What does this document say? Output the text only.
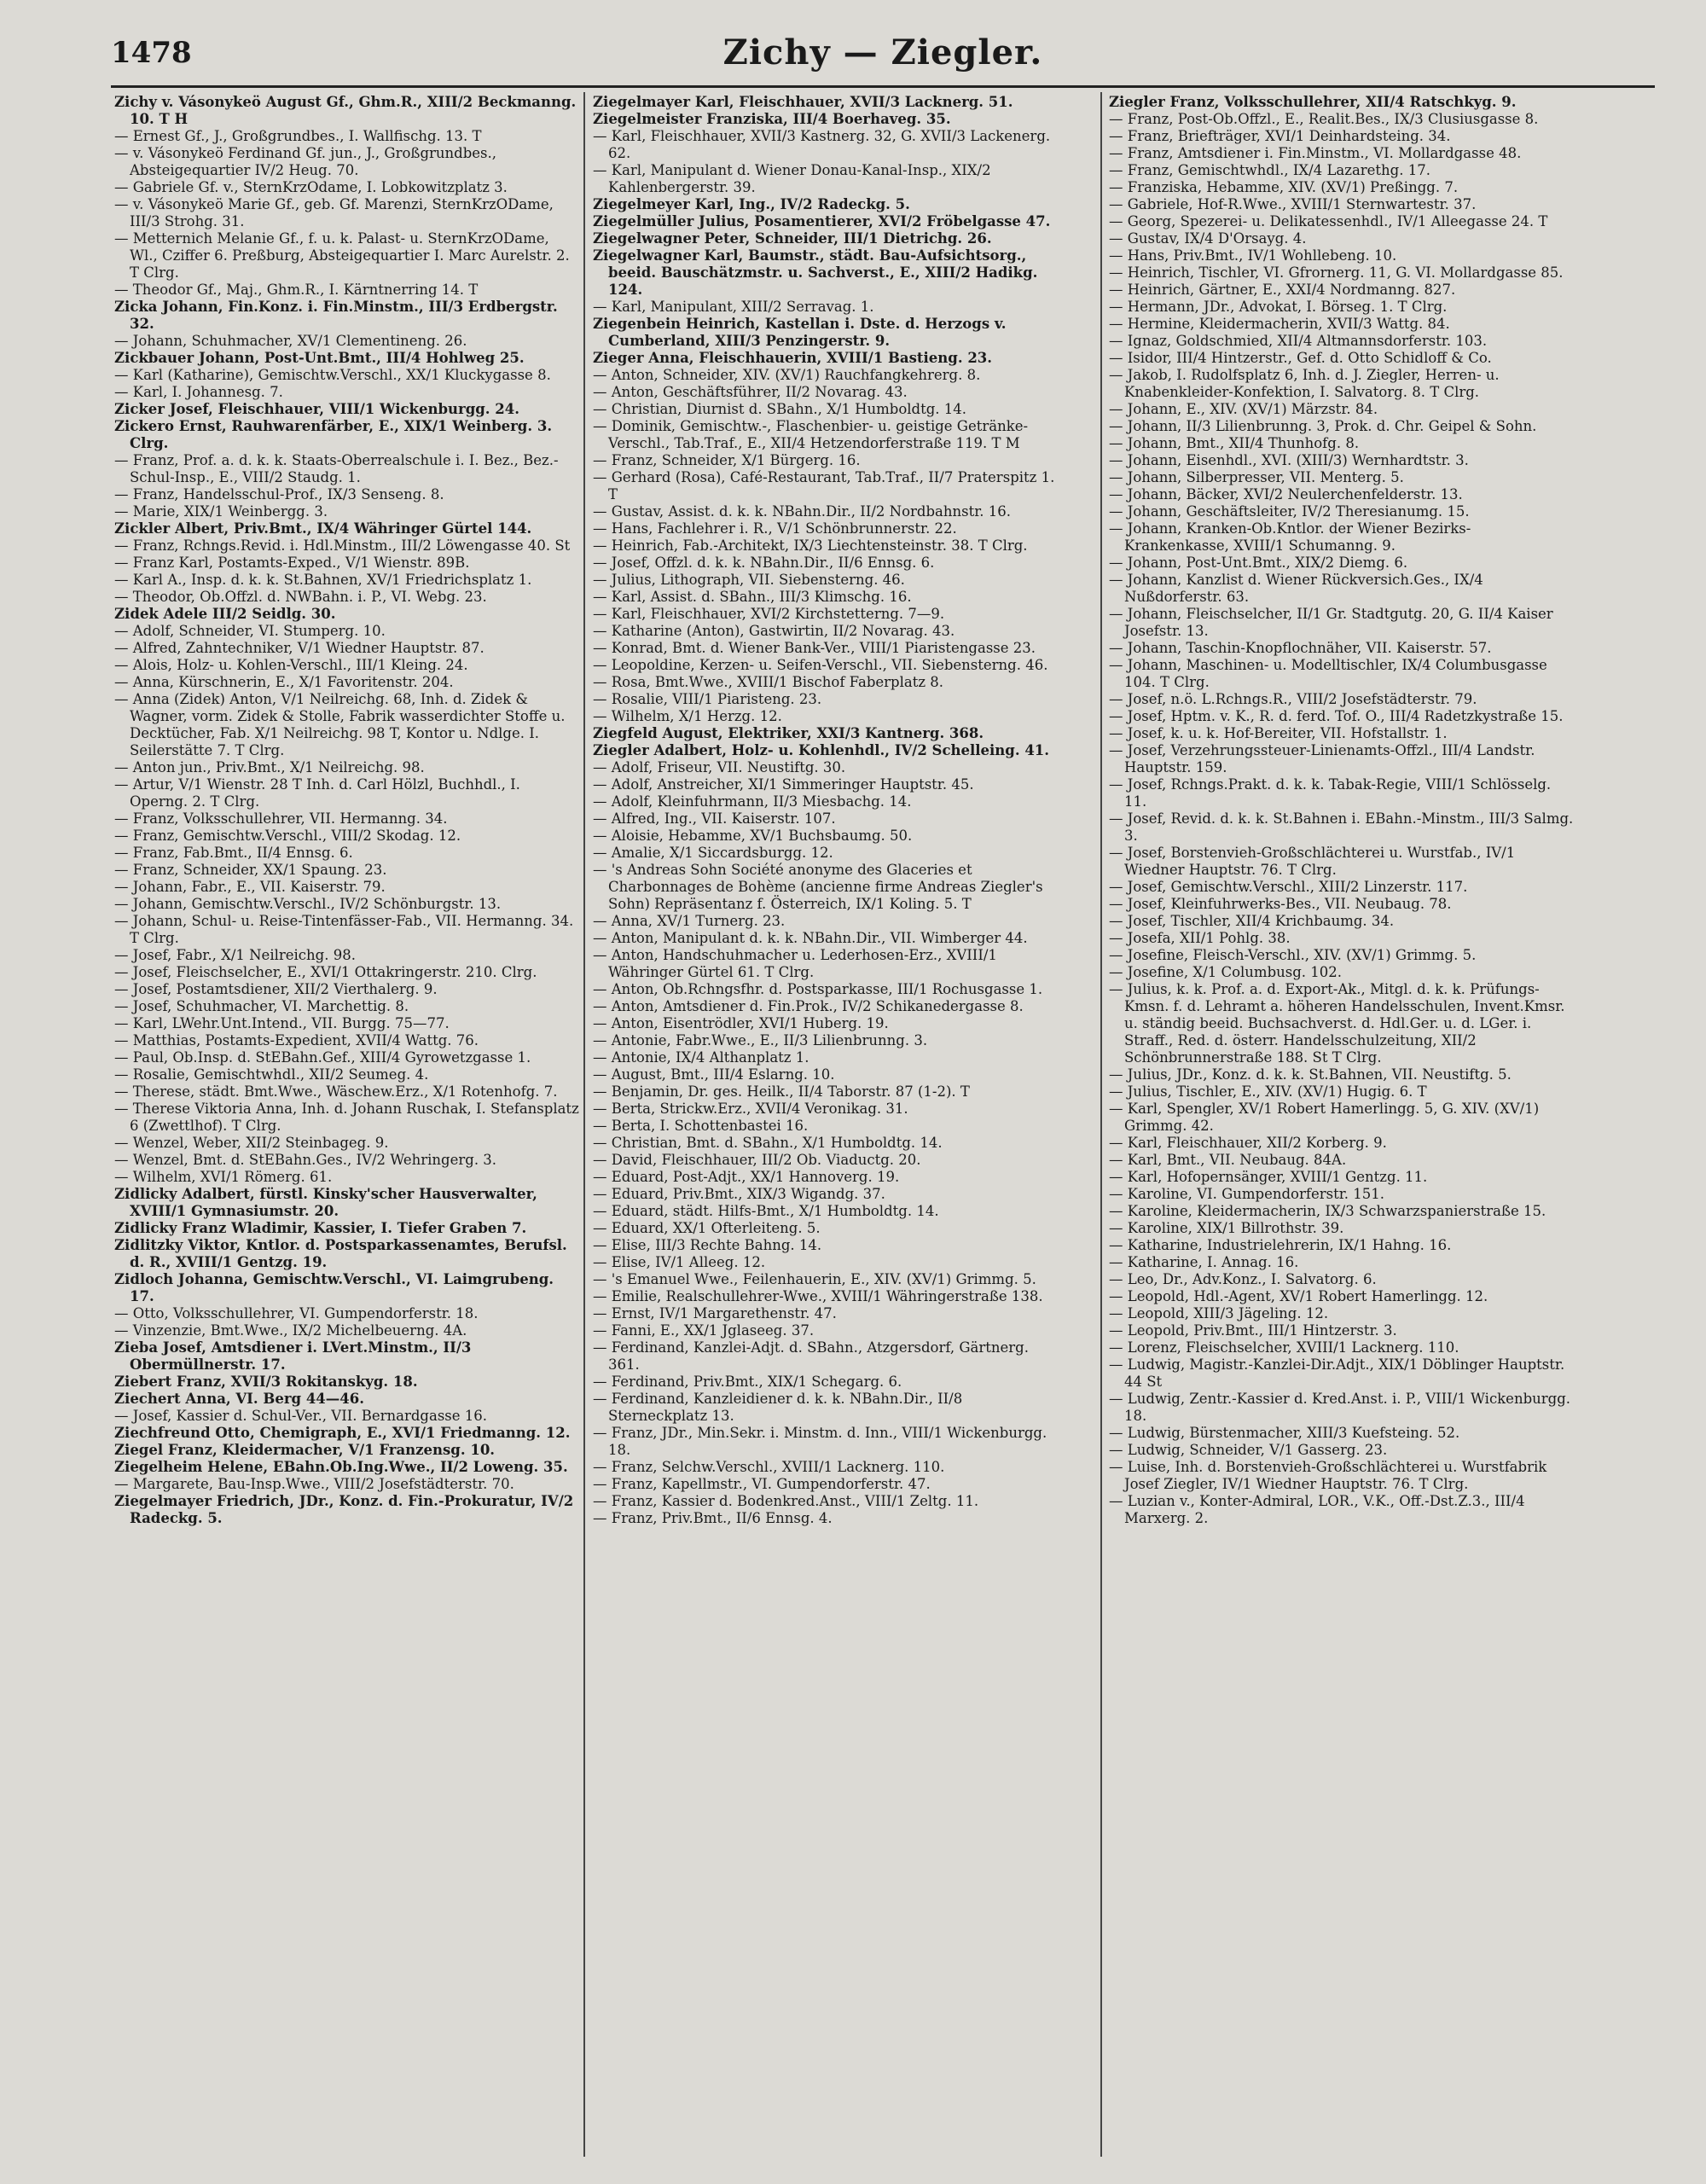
1478	Zichy — Ziegler.

Zichy v. Vásonykeö August Gf., Ghm.R., XIII/2 Beckmanng. 10. T H

— Ernest Gf., J., Großgrundbes., I. Wallfischg. 13. T

— v. Vásonykeö Ferdinand Gf. jun., J., Großgrundbes., Absteigequartier IV/2 Heug. 70.

— Gabriele Gf. v., SternKrzOdame, I. Lobkowitzplatz 3.

— v. Vásonykeö Marie Gf., geb. Gf. Marenzi, SternKrzODame, III/3 Strohg. 31.

— Metternich Melanie Gf., f. u. k. Palast- u. SternKrzODame, Wl., Cziffer 6. Preßburg, Absteigequartier I. Marc Aurelstr. 2. T Clrg.

— Theodor Gf., Maj., Ghm.R., I. Kärntnerring 14. T

Zicka Johann, Fin.Konz. i. Fin.Minstm., III/3 Erdbergstr. 32.

— Johann, Schuhmacher, XV/1 Clementineng. 26.

Zickbauer Johann, Post-Unt.Bmt., III/4 Hohlweg 25.

— Karl (Katharine), Gemischtw.Verschl., XX/1 Kluckygasse 8.

— Karl, I. Johannesg. 7.

Zicker Josef, Fleischhauer, VIII/1 Wickenburgg. 24.

Zickero Ernst, Rauhwarenfärber, E., XIX/1 Weinberg. 3. Clrg.

— Franz, Prof. a. d. k. k. Staats-Oberrealschule i. I. Bez., Bez.-Schul-Insp., E., VIII/2 Staudg. 1.

— Franz, Handelsschul-Prof., IX/3 Senseng. 8.

— Marie, XIX/1 Weinbergg. 3.

Zickler Albert, Priv.Bmt., IX/4 Währinger Gürtel 144.

— Franz, Rchngs.Revid. i. Hdl.Minstm., III/2 Löwengasse 40. St

— Franz Karl, Postamts-Exped., V/1 Wienstr. 89B.

— Karl A., Insp. d. k. k. St.Bahnen, XV/1 Friedrichsplatz 1.

— Theodor, Ob.Offzl. d. NWBahn. i. P., VI. Webg. 23.

Zidek Adele III/2 Seidlg. 30.

— Adolf, Schneider, VI. Stumperg. 10.

— Alfred, Zahntechniker, V/1 Wiedner Hauptstr. 87.

— Alois, Holz- u. Kohlen-Verschl., III/1 Kleing. 24.

— Anna, Kürschnerin, E., X/1 Favoritenstr. 204.

— Anna (Zidek) Anton, V/1 Neilreichg. 68, Inh. d. Zidek & Wagner, vorm. Zidek & Stolle, Fabrik wasserdichter Stoffe u. Decktücher, Fab. X/1 Neilreichg. 98 T, Kontor u. Ndlge. I. Seilerstätte 7. T Clrg.

— Anton jun., Priv.Bmt., X/1 Neilreichg. 98.

— Artur, V/1 Wienstr. 28 T Inh. d. Carl Hölzl, Buchhdl., I. Operng. 2. T Clrg.

— Franz, Volksschullehrer, VII. Hermanng. 34.

— Franz, Gemischtw.Verschl., VIII/2 Skodag. 12.

— Franz, Fab.Bmt., II/4 Ennsg. 6.

— Franz, Schneider, XX/1 Spaung. 23.

— Johann, Fabr., E., VII. Kaiserstr. 79.

— Johann, Gemischtw.Verschl., IV/2 Schönburgstr. 13.

— Johann, Schul- u. Reise-Tintenfässer-Fab., VII. Hermanng. 34. T Clrg.

— Josef, Fabr., X/1 Neilreichg. 98.

— Josef, Fleischselcher, E., XVI/1 Ottakringerstr. 210. Clrg.

— Josef, Postamtsdiener, XII/2 Vierthalerg. 9.

— Josef, Schuhmacher, VI. Marchettig. 8.

— Karl, LWehr.Unt.Intend., VII. Burgg. 75—77.

— Matthias, Postamts-Expedient, XVII/4 Wattg. 76.

— Paul, Ob.Insp. d. StEBahn.Gef., XIII/4 Gyrowetzgasse 1.

— Rosalie, Gemischtwhdl., XII/2 Seumeg. 4.

— Therese, städt. Bmt.Wwe., Wäschew.Erz., X/1 Rotenhofg. 7.

— Therese Viktoria Anna, Inh. d. Johann Ruschak, I. Stefansplatz 6 (Zwettlhof). T Clrg.

— Wenzel, Weber, XII/2 Steinbageg. 9.

— Wenzel, Bmt. d. StEBahn.Ges., IV/2 Wehringerg. 3.

— Wilhelm, XVI/1 Römerg. 61.

Zidlicky Adalbert, fürstl. Kinsky'scher Hausverwalter, XVIII/1 Gymnasiumstr. 20.

Zidlicky Franz Wladimir, Kassier, I. Tiefer Graben 7.

Zidlitzky Viktor, Kntlor. d. Postsparkassenamtes, Berufsl. d. R., XVIII/1 Gentzg. 19.

Zidloch Johanna, Gemischtw.Verschl., VI. Laimgrubeng. 17.

— Otto, Volksschullehrer, VI. Gumpendorferstr. 18.

— Vinzenzie, Bmt.Wwe., IX/2 Michelbeuerng. 4A.

Zieba Josef, Amtsdiener i. LVert.Minstm., II/3 Obermüllnerstr. 17.

Ziebert Franz, XVII/3 Rokitanskyg. 18.

Ziechert Anna, VI. Berg 44—46.

— Josef, Kassier d. Schul-Ver., VII. Bernardgasse 16.

Ziechfreund Otto, Chemigraph, E., XVI/1 Friedmanng. 12.

Ziegel Franz, Kleidermacher, V/1 Franzensg. 10.

Ziegelheim Helene, EBahn.Ob.Ing.Wwe., II/2 Loweng. 35.

— Margarete, Bau-Insp.Wwe., VIII/2 Josefstädterstr. 70.

Ziegelmayer Friedrich, JDr., Konz. d. Fin.-Prokuratur, IV/2 Radeckg. 5.

Ziegelmayer Karl, Fleischhauer, XVII/3 Lacknerg. 51.

Ziegelmeister Franziska, III/4 Boerhaveg. 35.

— Karl, Fleischhauer, XVII/3 Kastnerg. 32, G. XVII/3 Lackenerg. 62.

— Karl, Manipulant d. Wiener Donau-Kanal-Insp., XIX/2 Kahlenbergerstr. 39.

Ziegelmeyer Karl, Ing., IV/2 Radeckg. 5.

Ziegelmüller Julius, Posamentierer, XVI/2 Fröbelgasse 47.

Ziegelwagner Peter, Schneider, III/1 Dietrichg. 26.

Ziegelwagner Karl, Baumstr., städt. Bau-Aufsichtsorg., beeid. Bauschätzmstr. u. Sachverst., E., XIII/2 Hadikg. 124.

— Karl, Manipulant, XIII/2 Serravag. 1.

Ziegenbein Heinrich, Kastellan i. Dste. d. Herzogs v. Cumberland, XIII/3 Penzingerstr. 9.

Zieger Anna, Fleischhauerin, XVIII/1 Bastieng. 23.

— Anton, Schneider, XIV. (XV/1) Rauchfangkehrerg. 8.

— Anton, Geschäftsführer, II/2 Novarag. 43.

— Christian, Diurnist d. SBahn., X/1 Humboldtg. 14.

— Dominik, Gemischtw.-, Flaschenbier- u. geistige Getränke-Verschl., Tab.Traf., E., XII/4 Hetzendorferstraße 119. T M

— Franz, Schneider, X/1 Bürgerg. 16.

— Gerhard (Rosa), Café-Restaurant, Tab.Traf., II/7 Praterspitz 1. T

— Gustav, Assist. d. k. k. NBahn.Dir., II/2 Nordbahnstr. 16.

— Hans, Fachlehrer i. R., V/1 Schönbrunnerstr. 22.

— Heinrich, Fab.-Architekt, IX/3 Liechtensteinstr. 38. T Clrg.

— Josef, Offzl. d. k. k. NBahn.Dir., II/6 Ennsg. 6.

— Julius, Lithograph, VII. Siebensterng. 46.

— Karl, Assist. d. SBahn., III/3 Klimschg. 16.

— Karl, Fleischhauer, XVI/2 Kirchstetterng. 7—9.

— Katharine (Anton), Gastwirtin, II/2 Novarag. 43.

— Konrad, Bmt. d. Wiener Bank-Ver., VIII/1 Piaristengasse 23.

— Leopoldine, Kerzen- u. Seifen-Verschl., VII. Siebensterng. 46.

— Rosa, Bmt.Wwe., XVIII/1 Bischof Faberplatz 8.

— Rosalie, VIII/1 Piaristeng. 23.

— Wilhelm, X/1 Herzg. 12.

Ziegfeld August, Elektriker, XXI/3 Kantnerg. 368.

Ziegler Adalbert, Holz- u. Kohlenhdl., IV/2 Schelleing. 41.

— Adolf, Friseur, VII. Neustiftg. 30.

— Adolf, Anstreicher, XI/1 Simmeringer Hauptstr. 45.

— Adolf, Kleinfuhrmann, II/3 Miesbachg. 14.

— Alfred, Ing., VII. Kaiserstr. 107.

— Aloisie, Hebamme, XV/1 Buchsbaumg. 50.

— Amalie, X/1 Siccardsburgg. 12.

— 's Andreas Sohn Société anonyme des Glaceries et Charbonnages de Bohème (ancienne firme Andreas Ziegler's Sohn) Repräsentanz f. Österreich, IX/1 Koling. 5. T

— Anna, XV/1 Turnerg. 23.

— Anton, Manipulant d. k. k. NBahn.Dir., VII. Wimberger 44.

— Anton, Handschuhmacher u. Lederhosen-Erz., XVIII/1 Währinger Gürtel 61. T Clrg.

— Anton, Ob.Rchngsfhr. d. Postsparkasse, III/1 Rochusgasse 1.

— Anton, Amtsdiener d. Fin.Prok., IV/2 Schikanedergasse 8.

— Anton, Eisentrödler, XVI/1 Huberg. 19.

— Antonie, Fabr.Wwe., E., II/3 Lilienbrunng. 3.

— Antonie, IX/4 Althanplatz 1.

— August, Bmt., III/4 Eslarng. 10.

— Benjamin, Dr. ges. Heilk., II/4 Taborstr. 87 (1-2). T

— Berta, Strickw.Erz., XVII/4 Veronikag. 31.

— Berta, I. Schottenbastei 16.

— Christian, Bmt. d. SBahn., X/1 Humboldtg. 14.

— David, Fleischhauer, III/2 Ob. Viaductg. 20.

— Eduard, Post-Adjt., XX/1 Hannoverg. 19.

— Eduard, Priv.Bmt., XIX/3 Wigandg. 37.

— Eduard, städt. Hilfs-Bmt., X/1 Humboldtg. 14.

— Eduard, XX/1 Ofterleiteng. 5.

— Elise, III/3 Rechte Bahng. 14.

— Elise, IV/1 Alleeg. 12.

— 's Emanuel Wwe., Feilenhauerin, E., XIV. (XV/1) Grimmg. 5.

— Emilie, Realschullehrer-Wwe., XVIII/1 Währingerstraße 138.

— Ernst, IV/1 Margarethenstr. 47.

— Fanni, E., XX/1 Jglaseeg. 37.

— Ferdinand, Kanzlei-Adjt. d. SBahn., Atzgersdorf, Gärtnerg. 361.

— Ferdinand, Priv.Bmt., XIX/1 Schegarg. 6.

— Ferdinand, Kanzleidiener d. k. k. NBahn.Dir., II/8 Sterneckplatz 13.

— Franz, JDr., Min.Sekr. i. Minstm. d. Inn., VIII/1 Wickenburgg. 18.

— Franz, Selchw.Verschl., XVIII/1 Lacknerg. 110.

— Franz, Kapellmstr., VI. Gumpendorferstr. 47.

— Franz, Kassier d. Bodenkred.Anst., VIII/1 Zeltg. 11.

— Franz, Priv.Bmt., II/6 Ennsg. 4.

Ziegler Franz, Volksschullehrer, XII/4 Ratschkyg. 9.

— Franz, Post-Ob.Offzl., E., Realit.Bes., IX/3 Clusiusgasse 8.

— Franz, Briefträger, XVI/1 Deinhardsteing. 34.

— Franz, Amtsdiener i. Fin.Minstm., VI. Mollardgasse 48.

— Franz, Gemischtwhdl., IX/4 Lazarethg. 17.

— Franziska, Hebamme, XIV. (XV/1) Preßingg. 7.

— Gabriele, Hof-R.Wwe., XVIII/1 Sternwartestr. 37.

— Georg, Spezerei- u. Delikatessenhdl., IV/1 Alleegasse 24. T

— Gustav, IX/4 D'Orsayg. 4.

— Hans, Priv.Bmt., IV/1 Wohllebeng. 10.

— Heinrich, Tischler, VI. Gfrornerg. 11, G. VI. Mollardgasse 85.

— Heinrich, Gärtner, E., XXI/4 Nordmanng. 827.

— Hermann, JDr., Advokat, I. Börseg. 1. T Clrg.

— Hermine, Kleidermacherin, XVII/3 Wattg. 84.

— Ignaz, Goldschmied, XII/4 Altmannsdorferstr. 103.

— Isidor, III/4 Hintzerstr., Gef. d. Otto Schidloff & Co.

— Jakob, I. Rudolfsplatz 6, Inh. d. J. Ziegler, Herren- u. Knabenkleider-Konfektion, I. Salvatorg. 8. T Clrg.

— Johann, E., XIV. (XV/1) Märzstr. 84.

— Johann, II/3 Lilienbrunng. 3, Prok. d. Chr. Geipel & Sohn.

— Johann, Bmt., XII/4 Thunhofg. 8.

— Johann, Eisenhdl., XVI. (XIII/3) Wernhardtstr. 3.

— Johann, Silberpresser, VII. Menterg. 5.

— Johann, Bäcker, XVI/2 Neulerchenfelderstr. 13.

— Johann, Geschäftsleiter, IV/2 Theresianumg. 15.

— Johann, Kranken-Ob.Kntlor. der Wiener Bezirks-Krankenkasse, XVIII/1 Schumanng. 9.

— Johann, Post-Unt.Bmt., XIX/2 Diemg. 6.

— Johann, Kanzlist d. Wiener Rückversich.Ges., IX/4 Nußdorferstr. 63.

— Johann, Fleischselcher, II/1 Gr. Stadtgutg. 20, G. II/4 Kaiser Josefstr. 13.

— Johann, Taschin-Knopflochnäher, VII. Kaiserstr. 57.

— Johann, Maschinen- u. Modelltischler, IX/4 Columbusgasse 104. T Clrg.

— Josef, n.ö. L.Rchngs.R., VIII/2 Josefstädterstr. 79.

— Josef, Hptm. v. K., R. d. ferd. Tof. O., III/4 Radetzkystraße 15.

— Josef, k. u. k. Hof-Bereiter, VII. Hofstallstr. 1.

— Josef, Verzehrungssteuer-Linienamts-Offzl., III/4 Landstr. Hauptstr. 159.

— Josef, Rchngs.Prakt. d. k. k. Tabak-Regie, VIII/1 Schlösselg. 11.

— Josef, Revid. d. k. k. St.Bahnen i. EBahn.-Minstm., III/3 Salmg. 3.

— Josef, Borstenvieh-Großschlächterei u. Wurstfab., IV/1 Wiedner Hauptstr. 76. T Clrg.

— Josef, Gemischtw.Verschl., XIII/2 Linzerstr. 117.

— Josef, Kleinfuhrwerks-Bes., VII. Neubaug. 78.

— Josef, Tischler, XII/4 Krichbaumg. 34.

— Josefa, XII/1 Pohlg. 38.

— Josefine, Fleisch-Verschl., XIV. (XV/1) Grimmg. 5.

— Josefine, X/1 Columbusg. 102.

— Julius, k. k. Prof. a. d. Export-Ak., Mitgl. d. k. k. Prüfungs-Kmsn. f. d. Lehramt a. höheren Handelsschulen, Invent.Kmsr. u. ständig beeid. Buchsachverst. d. Hdl.Ger. u. d. LGer. i. Straff., Red. d. österr. Handelsschulzeitung, XII/2 Schönbrunnerstraße 188. St T Clrg.

— Julius, JDr., Konz. d. k. k. St.Bahnen, VII. Neustiftg. 5.

— Julius, Tischler, E., XIV. (XV/1) Hugig. 6. T

— Karl, Spengler, XV/1 Robert Hamerlingg. 5, G. XIV. (XV/1) Grimmg. 42.

— Karl, Fleischhauer, XII/2 Korberg. 9.

— Karl, Bmt., VII. Neubaug. 84A.

— Karl, Hofopernsänger, XVIII/1 Gentzg. 11.

— Karoline, VI. Gumpendorferstr. 151.

— Karoline, Kleidermacherin, IX/3 Schwarzspanierstraße 15.

— Karoline, XIX/1 Billrothstr. 39.

— Katharine, Industrielehrerin, IX/1 Hahng. 16.

— Katharine, I. Annag. 16.

— Leo, Dr., Adv.Konz., I. Salvatorg. 6.

— Leopold, Hdl.-Agent, XV/1 Robert Hamerlingg. 12.

— Leopold, XIII/3 Jägeling. 12.

— Leopold, Priv.Bmt., III/1 Hintzerstr. 3.

— Lorenz, Fleischselcher, XVIII/1 Lacknerg. 110.

— Ludwig, Magistr.-Kanzlei-Dir.Adjt., XIX/1 Döblinger Hauptstr. 44 St

— Ludwig, Zentr.-Kassier d. Kred.Anst. i. P., VIII/1 Wickenburgg. 18.

— Ludwig, Bürstenmacher, XIII/3 Kuefsteing. 52.

— Ludwig, Schneider, V/1 Gasserg. 23.

— Luise, Inh. d. Borstenvieh-Großschlächterei u. Wurstfabrik Josef Ziegler, IV/1 Wiedner Hauptstr. 76. T Clrg.

— Luzian v., Konter-Admiral, LOR., V.K., Off.-Dst.Z.3., III/4 Marxerg. 2.
